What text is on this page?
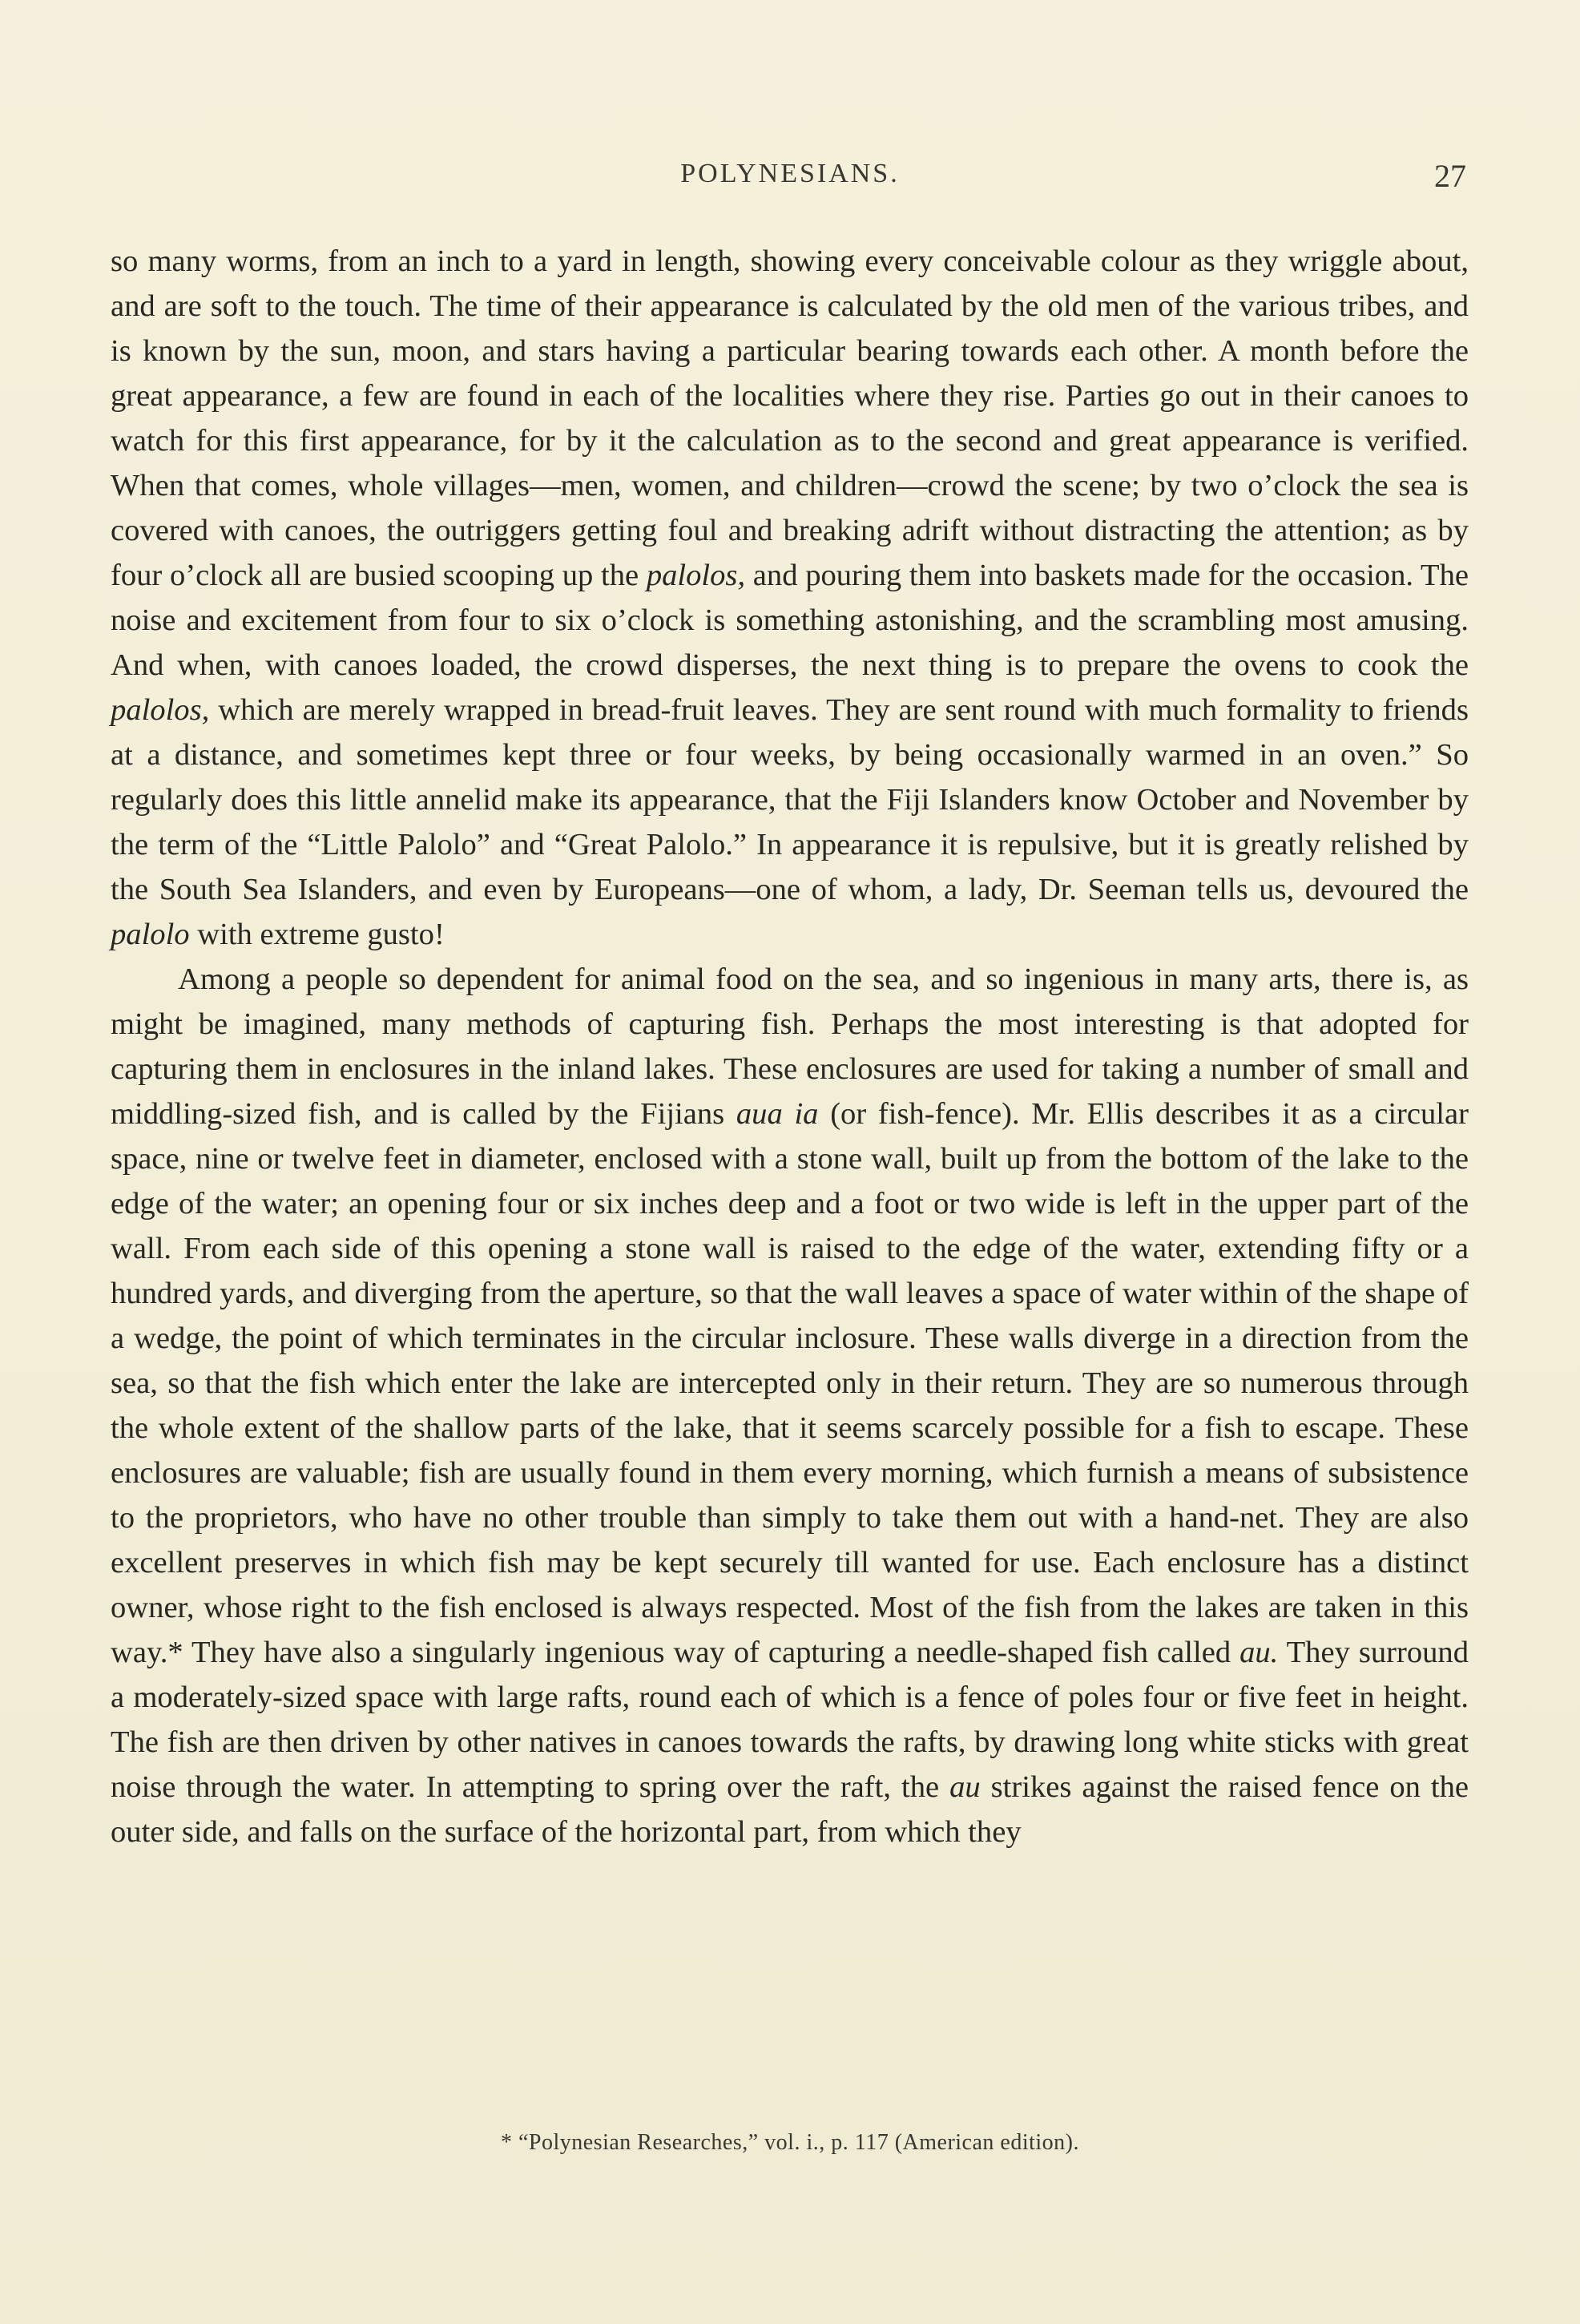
POLYNESIANS.	27

so many worms, from an inch to a yard in length, showing every conceivable colour as they wriggle about, and are soft to the touch. The time of their appearance is calculated by the old men of the various tribes, and is known by the sun, moon, and stars having a particular bearing towards each other. A month before the great appearance, a few are found in each of the localities where they rise. Parties go out in their canoes to watch for this first appearance, for by it the calculation as to the second and great appearance is verified. When that comes, whole villages—men, women, and children—crowd the scene; by two o’clock the sea is covered with canoes, the outriggers getting foul and breaking adrift without distracting the attention; as by four o’clock all are busied scooping up the palolos, and pouring them into baskets made for the occasion. The noise and excitement from four to six o’clock is something astonishing, and the scrambling most amusing. And when, with canoes loaded, the crowd disperses, the next thing is to prepare the ovens to cook the palolos, which are merely wrapped in bread-fruit leaves. They are sent round with much formality to friends at a distance, and sometimes kept three or four weeks, by being occasionally warmed in an oven.” So regularly does this little annelid make its appearance, that the Fiji Islanders know October and November by the term of the “Little Palolo” and “Great Palolo.” In appearance it is repulsive, but it is greatly relished by the South Sea Islanders, and even by Europeans—one of whom, a lady, Dr. Seeman tells us, devoured the palolo with extreme gusto!

Among a people so dependent for animal food on the sea, and so ingenious in many arts, there is, as might be imagined, many methods of capturing fish. Perhaps the most interesting is that adopted for capturing them in enclosures in the inland lakes. These enclosures are used for taking a number of small and middling-sized fish, and is called by the Fijians aua ia (or fish-fence). Mr. Ellis describes it as a circular space, nine or twelve feet in diameter, enclosed with a stone wall, built up from the bottom of the lake to the edge of the water; an opening four or six inches deep and a foot or two wide is left in the upper part of the wall. From each side of this opening a stone wall is raised to the edge of the water, extending fifty or a hundred yards, and diverging from the aperture, so that the wall leaves a space of water within of the shape of a wedge, the point of which terminates in the circular inclosure. These walls diverge in a direction from the sea, so that the fish which enter the lake are intercepted only in their return. They are so numerous through the whole extent of the shallow parts of the lake, that it seems scarcely possible for a fish to escape. These enclosures are valuable; fish are usually found in them every morning, which furnish a means of subsistence to the proprietors, who have no other trouble than simply to take them out with a hand-net. They are also excellent preserves in which fish may be kept securely till wanted for use. Each enclosure has a distinct owner, whose right to the fish enclosed is always respected. Most of the fish from the lakes are taken in this way.* They have also a singularly ingenious way of capturing a needle-shaped fish called au. They surround a moderately-sized space with large rafts, round each of which is a fence of poles four or five feet in height. The fish are then driven by other natives in canoes towards the rafts, by drawing long white sticks with great noise through the water. In attempting to spring over the raft, the au strikes against the raised fence on the outer side, and falls on the surface of the horizontal part, from which they

* “Polynesian Researches,” vol. i., p. 117 (American edition).
